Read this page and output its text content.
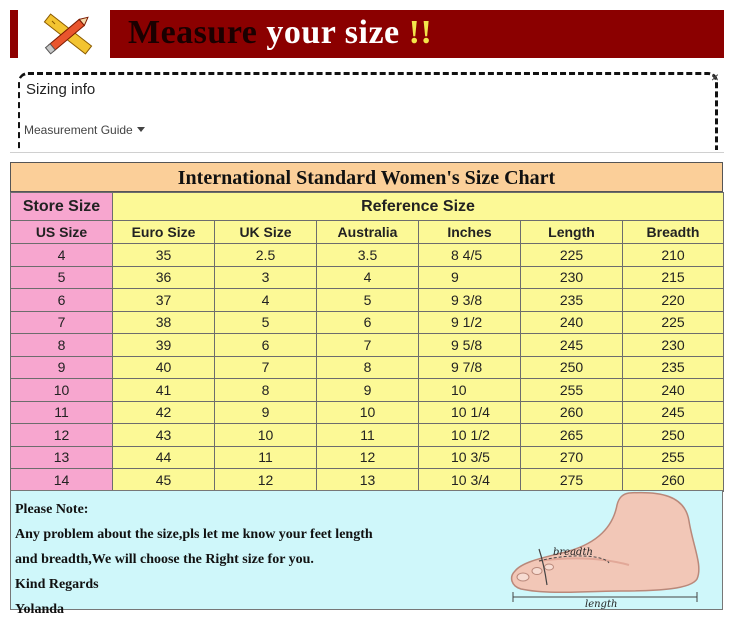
Measure your size !!
Sizing info
Measurement Guide
×
International Standard Women's Size Chart
Store Size	Reference Size					
US Size	Euro Size	UK Size	Australia	Inches	Length	Breadth
4	35	2.5	3.5	8 4/5	225	210
5	36	3	4	9	230	215
6	37	4	5	9 3/8	235	220
7	38	5	6	9 1/2	240	225
8	39	6	7	9 5/8	245	230
9	40	7	8	9 7/8	250	235
10	41	8	9	10	255	240
11	42	9	10	10 1/4	260	245
12	43	10	11	10 1/2	265	250
13	44	11	12	10 3/5	270	255
14	45	12	13	10 3/4	275	260
Please Note:
Any problem about the size,pls let me know your feet length
and breadth,We will choose the Right size for you.
Kind Regards
Yolanda
breadth
length
